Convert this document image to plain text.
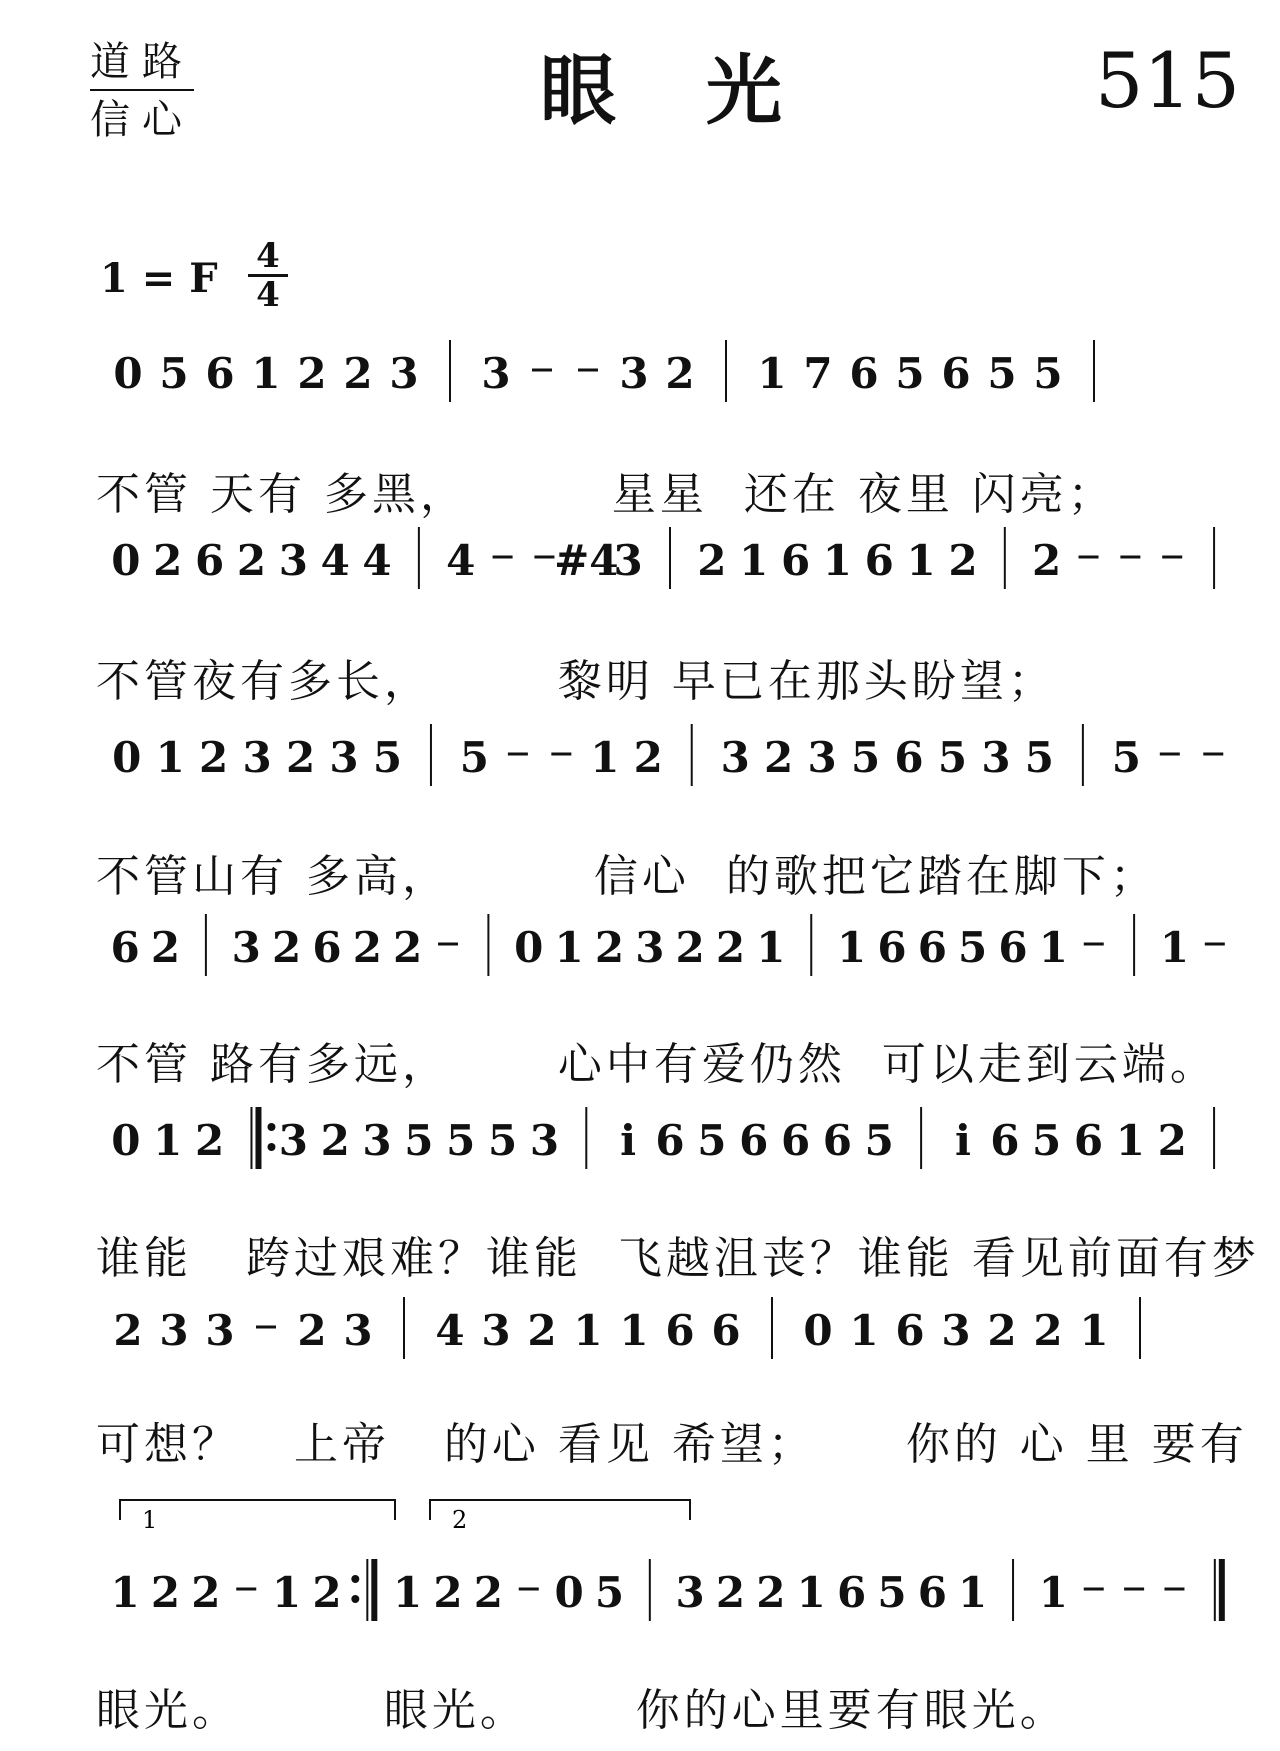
道路
信心	眼光	515
1 = F $\frac{4}{4}$
0 5 6 1 2 2 3 3	3 2 1 7 6 5 6 5 5
0 2 6 2 3 4 4 4 #4
3 2 1 6 1 6 1 2 2
0 1 2 3 2 3 5 5 1 2 3 2 3 5 6 5 3 5 5
6 2 3 2 6 2 2 0 1 2 3 2 2 1 1 6 6 5 6 1 1
0 1 2 3 2 3 5 5 5 3 i 6 5 6 6 6 5 i 6 5 6 1 2
2 3 3 2 3 4 3 2 1 1 6 6 0 1 6 3 2 2 1
1 2 2 1 2 1 2 2 0 5 3 2 2 1 6 5 6 1 1
1	2
不管 天有 多黑，        星星  还在 夜里 闪亮；
不管夜有多长，       黎明 早已在那头盼望；
不管山有 多高，        信心  的歌把它踏在脚下；
不管 路有多远，      心中有爱仍然  可以走到云端。
谁能   跨过艰难？谁能  飞越沮丧？谁能 看见前面有梦
可想？   上帝   的心 看见 希望；     你的 心 里 要有
眼光。        眼光。      你的心里要有眼光。
